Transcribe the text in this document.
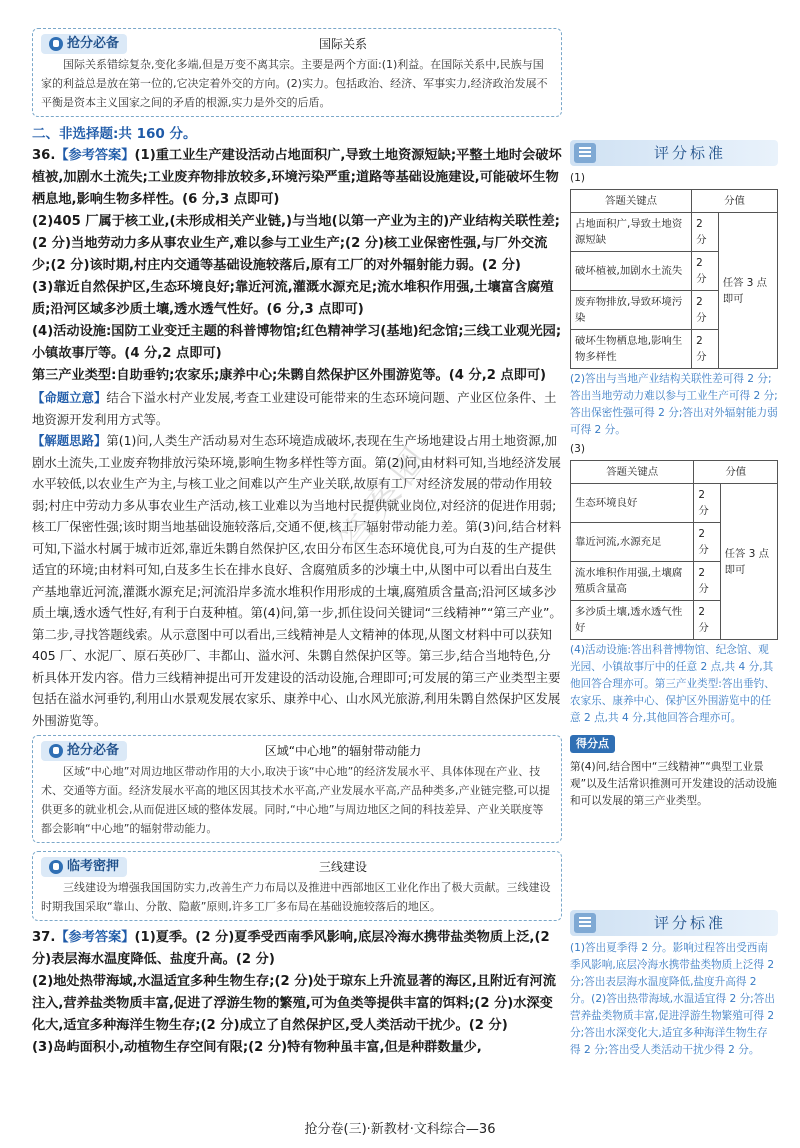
抢分必备	国际关系

国际关系错综复杂,变化多端,但是万变不离其宗。主要是两个方面:(1)利益。在国际关系中,民族与国家的利益总是放在第一位的,它决定着外交的方向。(2)实力。包括政治、经济、军事实力,经济政治发展不平衡是资本主义国家之间的矛盾的根源,实力是外交的后盾。

二、非选择题:共 160 分。

36.【参考答案】(1)重工业生产建设活动占地面积广,导致土地资源短缺;平整土地时会破坏植被,加剧水土流失;工业废弃物排放较多,环境污染严重;道路等基础设施建设,可能破坏生物栖息地,影响生物多样性。(6 分,3 点即可)

(2)405 厂属于核工业,(未形成相关产业链,)与当地(以第一产业为主的)产业结构关联性差;(2 分)当地劳动力多从事农业生产,难以参与工业生产;(2 分)核工业保密性强,与厂外交流少;(2 分)该时期,村庄内交通等基础设施较落后,原有工厂的对外辐射能力弱。(2 分)

(3)靠近自然保护区,生态环境良好;靠近河流,灌溉水源充足;流水堆积作用强,土壤富含腐殖质;沿河区域多沙质土壤,透水透气性好。(6 分,3 点即可)

(4)活动设施:国防工业变迁主题的科普博物馆;红色精神学习(基地)纪念馆;三线工业观光园;小镇故事厅等。(4 分,2 点即可)

第三产业类型:自助垂钓;农家乐;康养中心;朱鹮自然保护区外围游览等。(4 分,2 点即可)

【命题立意】结合下溢水村产业发展,考查工业建设可能带来的生态环境问题、产业区位条件、土地资源开发利用方式等。

【解题思路】第(1)问,人类生产活动易对生态环境造成破坏,表现在生产场地建设占用土地资源,加剧水土流失,工业废弃物排放污染环境,影响生物多样性等方面。第(2)问,由材料可知,当地经济发展水平较低,以农业生产为主,与核工业之间难以产生产业关联,故原有工厂对经济发展的带动作用较弱;村庄中劳动力多从事农业生产活动,核工业难以为当地村民提供就业岗位,对经济的促进作用弱;核工厂保密性强;该时期当地基础设施较落后,交通不便,核工厂辐射带动能力差。第(3)问,结合材料可知,下溢水村属于城市近郊,靠近朱鹮自然保护区,农田分布区生态环境优良,可为白芨的生产提供适宜的环境;由材料可知,白芨多生长在排水良好、含腐殖质多的沙壤土中,从图中可以看出白芨生产基地靠近河流,灌溉水源充足;河流沿岸多流水堆积作用形成的土壤,腐殖质含量高;沿河区域多沙质土壤,透水透气性好,有利于白芨种植。第(4)问,第一步,抓住设问关键词“三线精神”“第三产业”。第二步,寻找答题线索。从示意图中可以看出,三线精神是人文精神的体现,从图文材料中可以获知 405 厂、水泥厂、原石英砂厂、丰都山、溢水河、朱鹮自然保护区等。第三步,结合当地特色,分析具体开发内容。借力三线精神提出可开发建设的活动设施,合理即可;可发展的第三产业类型主要包括在溢水河垂钓,利用山水景观发展农家乐、康养中心、山水风光旅游,利用朱鹮自然保护区发展外围游览等。

抢分必备	区域“中心地”的辐射带动能力

区域“中心地”对周边地区带动作用的大小,取决于该“中心地”的经济发展水平、具体体现在产业、技术、交通等方面。经济发展水平高的地区因其技术水平高,产业发展水平高,产品种类多,产业链完整,可以提供更多的就业机会,从而促进区域的整体发展。同时,“中心地”与周边地区之间的科技差异、产业关联度等都会影响“中心地”的辐射带动能力。

临考密押	三线建设

三线建设为增强我国国防实力,改善生产力布局以及推进中西部地区工业化作出了极大贡献。三线建设时期我国采取“靠山、分散、隐蔽”原则,许多工厂多布局在基础设施较落后的地区。

37.【参考答案】(1)夏季。(2 分)夏季受西南季风影响,底层冷海水携带盐类物质上泛,(2 分)表层海水温度降低、盐度升高。(2 分)

(2)地处热带海域,水温适宜多种生物生存;(2 分)处于琼东上升流显著的海区,且附近有河流注入,营养盐类物质丰富,促进了浮游生物的繁殖,可为鱼类等提供丰富的饵料;(2 分)水深变化大,适宜多种海洋生物生存;(2 分)成立了自然保护区,受人类活动干扰少。(2 分)

(3)岛屿面积小,动植物生存空间有限;(2 分)特有物种虽丰富,但是种群数量少,

答案圈
评分标准
(1)
答题关键点	分值	
占地面积广,导致土地资源短缺	2 分	任答 3 点即可
破坏植被,加剧水土流失	2 分	
废弃物排放,导致环境污染	2 分	
破坏生物栖息地,影响生物多样性	2 分	

(2)答出与当地产业结构关联性差可得 2 分;答出当地劳动力难以参与工业生产可得 2 分;答出保密性强可得 2 分;答出对外辐射能力弱可得 2 分。

(3)
答题关键点	分值	
生态环境良好	2 分	任答 3 点即可
靠近河流,水源充足	2 分	
流水堆积作用强,土壤腐殖质含量高	2 分	
多沙质土壤,透水透气性好	2 分	

(4)活动设施:答出科普博物馆、纪念馆、观光园、小镇故事厅中的任意 2 点,共 4 分,其他回答合理亦可。第三产业类型:答出垂钓、农家乐、康养中心、保护区外围游览中的任意 2 点,共 4 分,其他回答合理亦可。

得分点

第(4)问,结合图中“三线精神”“典型工业景观”以及生活常识推测可开发建设的活动设施和可以发展的第三产业类型。

评分标准

(1)答出夏季得 2 分。影响过程答出受西南季风影响,底层冷海水携带盐类物质上泛得 2 分;答出表层海水温度降低,盐度升高得 2 分。(2)答出热带海域,水温适宜得 2 分;答出营养盐类物质丰富,促进浮游生物繁殖可得 2 分;答出水深变化大,适宜多种海洋生物生存得 2 分;答出受人类活动干扰少得 2 分。

抢分卷(三)·新教材·文科综合—36
